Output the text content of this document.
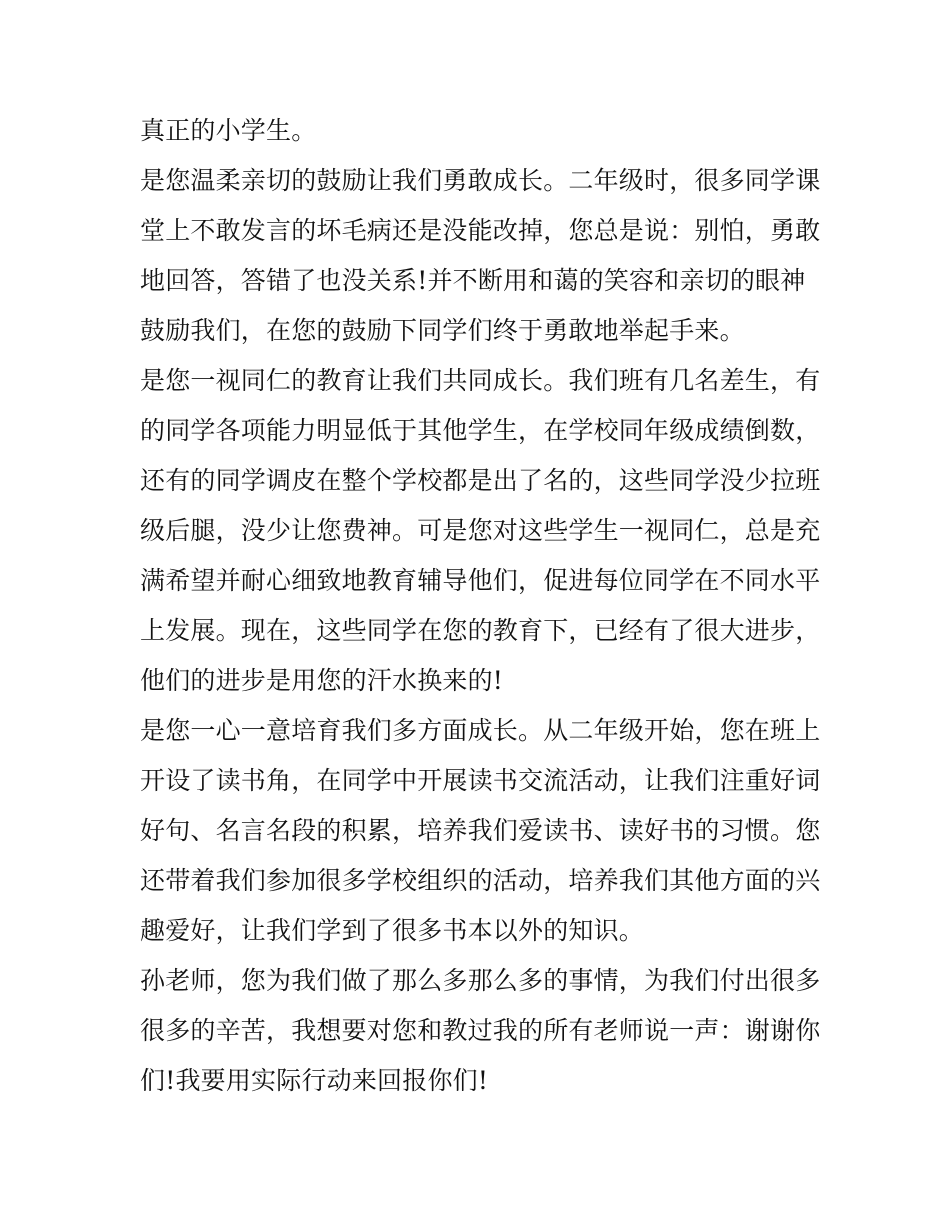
真正的小学生。
是您温柔亲切的鼓励让我们勇敢成长。二年级时，很多同学课
堂上不敢发言的坏毛病还是没能改掉，您总是说：别怕，勇敢
地回答，答错了也没关系!并不断用和蔼的笑容和亲切的眼神
鼓励我们，在您的鼓励下同学们终于勇敢地举起手来。
是您一视同仁的教育让我们共同成长。我们班有几名差生，有
的同学各项能力明显低于其他学生，在学校同年级成绩倒数，
还有的同学调皮在整个学校都是出了名的，这些同学没少拉班
级后腿，没少让您费神。可是您对这些学生一视同仁，总是充
满希望并耐心细致地教育辅导他们，促进每位同学在不同水平
上发展。现在，这些同学在您的教育下，已经有了很大进步，
他们的进步是用您的汗水换来的!
是您一心一意培育我们多方面成长。从二年级开始，您在班上
开设了读书角，在同学中开展读书交流活动，让我们注重好词
好句、名言名段的积累，培养我们爱读书、读好书的习惯。您
还带着我们参加很多学校组织的活动，培养我们其他方面的兴
趣爱好，让我们学到了很多书本以外的知识。
孙老师，您为我们做了那么多那么多的事情，为我们付出很多
很多的辛苦，我想要对您和教过我的所有老师说一声：谢谢你
们!我要用实际行动来回报你们!
